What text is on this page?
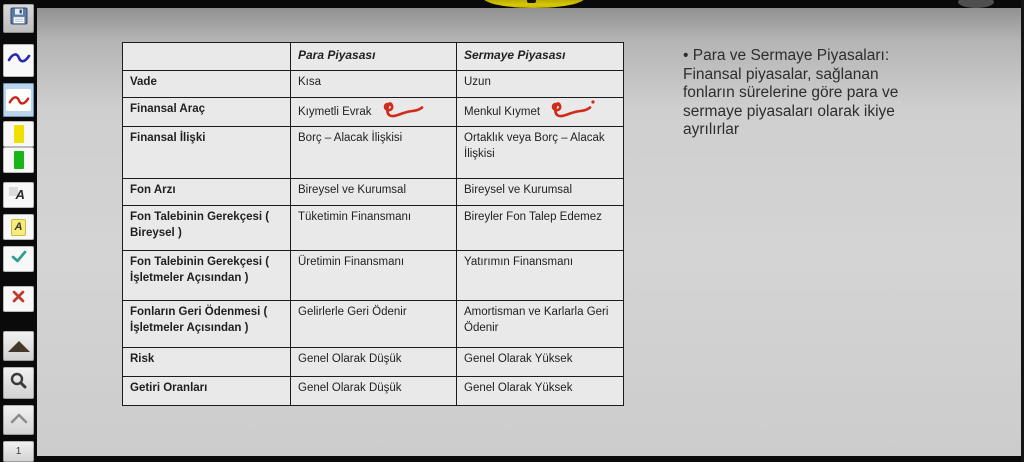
	Para Piyasası	Sermaye Piyasası
Vade	Kısa	Uzun
Finansal Araç	Kıymetli Evrak	Menkul Kıymet
Finansal İlişki	Borç – Alacak İlişkisi	Ortaklık veya Borç – Alacak İlişkisi
Fon Arzı	Bireysel ve Kurumsal	Bireysel ve Kurumsal
Fon Talebinin Gerekçesi ( Bireysel )	Tüketimin Finansmanı	Bireyler Fon Talep Edemez
Fon Talebinin Gerekçesi ( İşletmeler Açısından )	Üretimin Finansmanı	Yatırımın Finansmanı
Fonların Geri Ödenmesi ( İşletmeler Açısından )	Gelirlerle Geri Ödenir	Amortisman ve Karlarla Geri Ödenir
Risk	Genel Olarak Düşük	Genel Olarak Yüksek
Getiri Oranları	Genel Olarak Düşük	Genel Olarak Yüksek
• Para ve Sermaye Piyasaları:
Finansal piyasalar, sağlanan
fonların sürelerine göre para ve
sermaye piyasaları olarak ikiye
ayrılırlar
A
A
1
